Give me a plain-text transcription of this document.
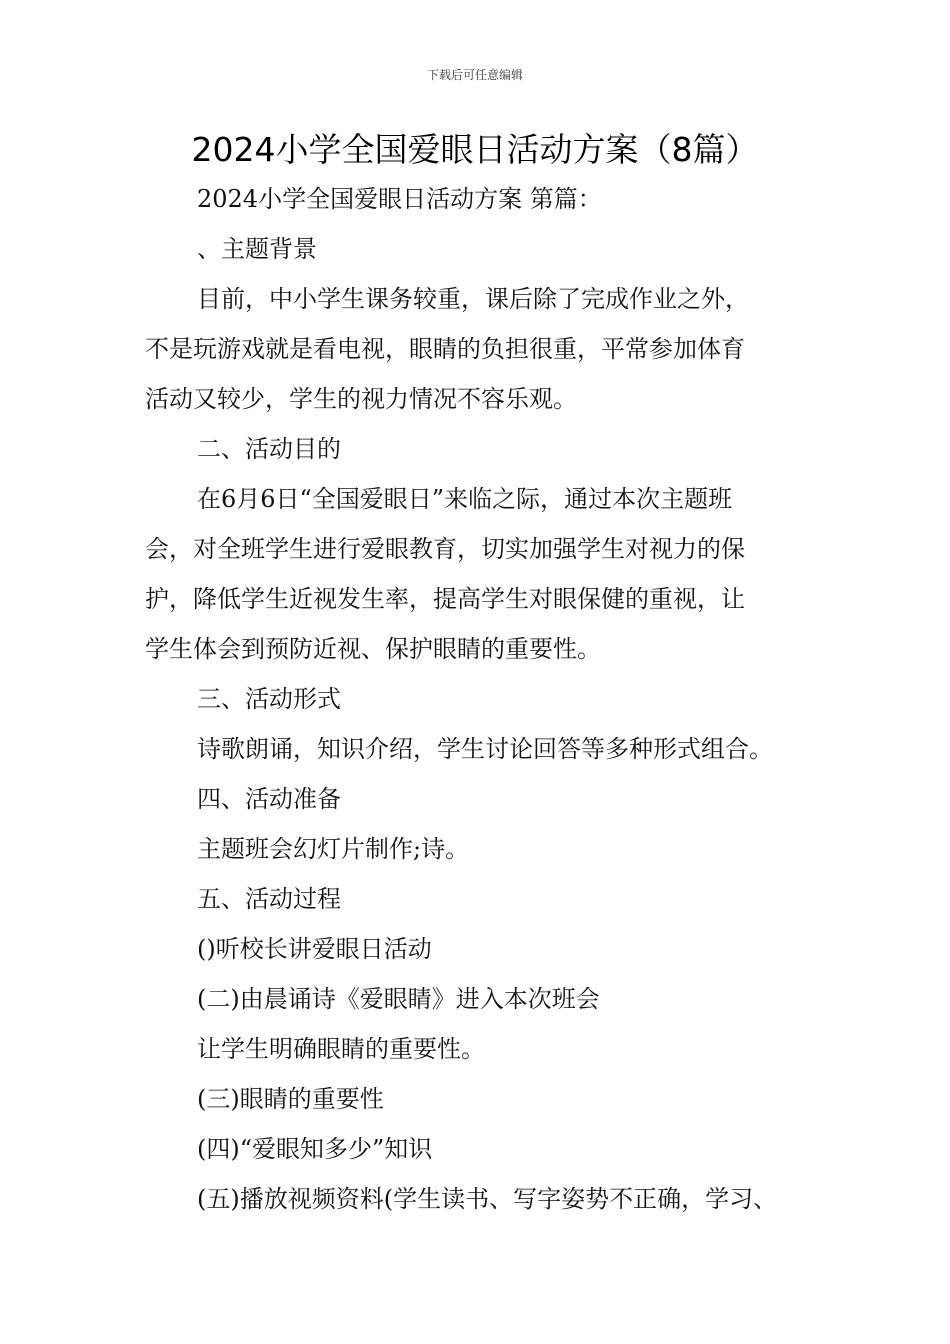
下载后可任意编辑
2024小学全国爱眼日活动方案（8篇）
2024小学全国爱眼日活动方案 第篇：
、主题背景
目前，中小学生课务较重，课后除了完成作业之外，
不是玩游戏就是看电视，眼睛的负担很重，平常参加体育
活动又较少，学生的视力情况不容乐观。
二、活动目的
在6月6日“全国爱眼日”来临之际，通过本次主题班
会，对全班学生进行爱眼教育，切实加强学生对视力的保
护，降低学生近视发生率，提高学生对眼保健的重视，让
学生体会到预防近视、保护眼睛的重要性。
三、活动形式
诗歌朗诵，知识介绍，学生讨论回答等多种形式组合。
四、活动准备
主题班会幻灯片制作;诗。
五、活动过程
()听校长讲爱眼日活动
(二)由晨诵诗《爱眼睛》进入本次班会
让学生明确眼睛的重要性。
(三)眼睛的重要性
(四)“爱眼知多少”知识
(五)播放视频资料(学生读书、写字姿势不正确，学习、
